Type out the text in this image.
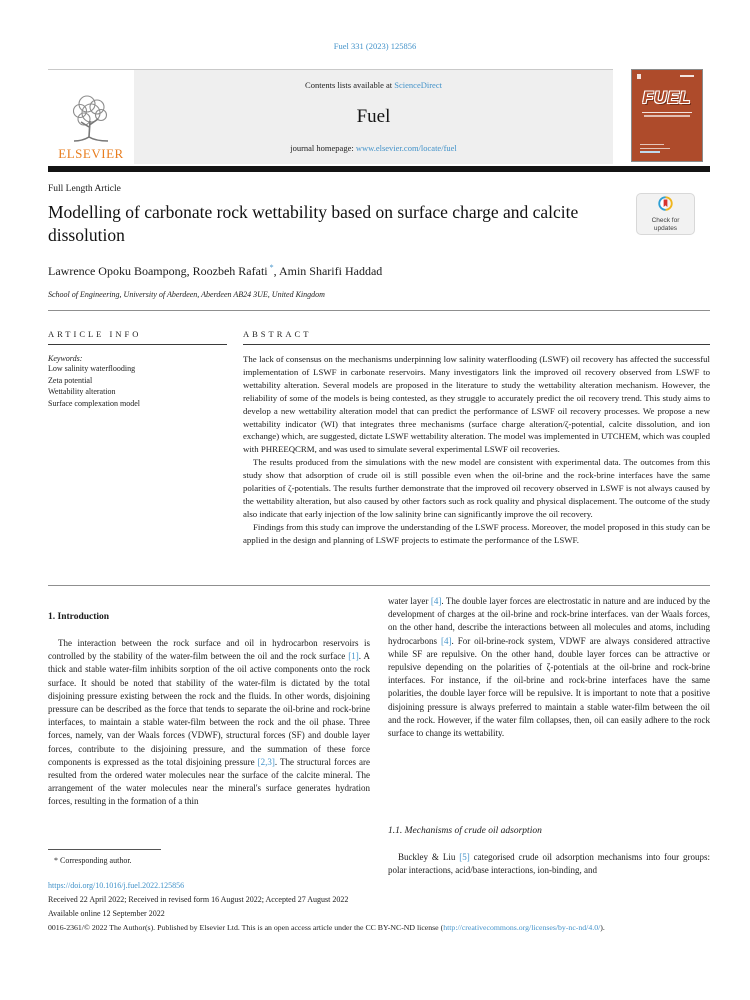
Fuel 331 (2023) 125856
ELSEVIER
Contents lists available at ScienceDirect
Fuel
journal homepage: www.elsevier.com/locate/fuel
FUEL
Check for
updates
Full Length Article
Modelling of carbonate rock wettability based on surface charge and calcite dissolution
Lawrence Opoku Boampong, Roozbeh Rafati *, Amin Sharifi Haddad
School of Engineering, University of Aberdeen, Aberdeen AB24 3UE, United Kingdom
ARTICLE INFO
Keywords:
Low salinity waterflooding
Zeta potential
Wettability alteration
Surface complexation model
ABSTRACT

The lack of consensus on the mechanisms underpinning low salinity waterflooding (LSWF) oil recovery has affected the successful implementation of LSWF in carbonate reservoirs. Many investigators link the improved oil recovery observed from LSWF to wettability alteration. Several models are proposed in the literature to study the wettability alteration mechanism. However, the reliability of some of the models is being contested, as they struggle to accurately predict the oil recovery trend. This study aims to develop a new wettability alteration model that can predict the performance of LSWF oil recovery processes. We propose a new wettability indicator (WI) that integrates three mechanisms (surface charge alteration/ζ-potential, calcite dissolution, and ion exchange) which, are suggested, dictate LSWF wettability alteration. The model was implemented in UTCHEM, which was coupled with PHREEQCRM, and was used to simulate several experimental LSWF oil recoveries.

The results produced from the simulations with the new model are consistent with experimental data. The outcomes from this study show that adsorption of crude oil is still possible even when the oil-brine and the rock-brine interfaces have the same polarities of ζ-potentials. The results further demonstrate that the improved oil recovery observed in LSWF is not always caused by the wettability alteration, but also caused by other factors such as rock quality and physical displacement. The outcome of the study also indicate that early injection of the low salinity brine can significantly improve the oil recovery.

Findings from this study can improve the understanding of the LSWF process. Moreover, the model proposed in this study can be applied in the design and planning of LSWF projects to estimate the performance of the LSWF.

1. Introduction
The interaction between the rock surface and oil in hydrocarbon reservoirs is controlled by the stability of the water-film between the oil and the rock surface [1]. A thick and stable water-film inhibits sorption of the oil active components onto the rock surface. It should be noted that stability of the water-film is dictated by the total disjoining pressure existing between the rock and the fluids. In other words, disjoining pressure can be described as the force that tends to separate the oil-brine and rock-brine interfaces, to maintain a stable water-film between the rock and the oil phase. Three forces, namely, van der Waals forces (VDWF), structural forces (SF) and double layer forces, contribute to the disjoining pressure, and the summation of these force components is expressed as the total disjoining pressure [2,3]. The structural forces are resulted from the ordered water molecules near the surface of the calcite mineral. The arrangement of the water molecules near the mineral's surface generates hydration forces, resulting in the formation of a thin
water layer [4]. The double layer forces are electrostatic in nature and are induced by the development of charges at the oil-brine and rock-brine interfaces. van der Waals forces, on the other hand, describe the interactions between all molecules and atoms, including hydrocarbons [4]. For oil-brine-rock system, VDWF are always considered attractive while SF are repulsive. On the other hand, double layer forces can be attractive or repulsive depending on the polarities of ζ-potentials at the oil-brine and rock-brine interfaces. For instance, if the oil-brine and rock-brine interfaces have the same polarities, the double layer force will be repulsive. It is important to note that a positive disjoining pressure is always preferred to maintain a stable water-film between the oil and the rock. However, if the water film collapses, then, oil can easily adhere to the rock surface to change its wettability.
1.1. Mechanisms of crude oil adsorption
Buckley & Liu [5] categorised crude oil adsorption mechanisms into four groups: polar interactions, acid/base interactions, ion-binding, and
* Corresponding author.
https://doi.org/10.1016/j.fuel.2022.125856
Received 22 April 2022; Received in revised form 16 August 2022; Accepted 27 August 2022
Available online 12 September 2022
0016-2361/© 2022 The Author(s). Published by Elsevier Ltd. This is an open access article under the CC BY-NC-ND license (http://creativecommons.org/licenses/by-nc-nd/4.0/).
